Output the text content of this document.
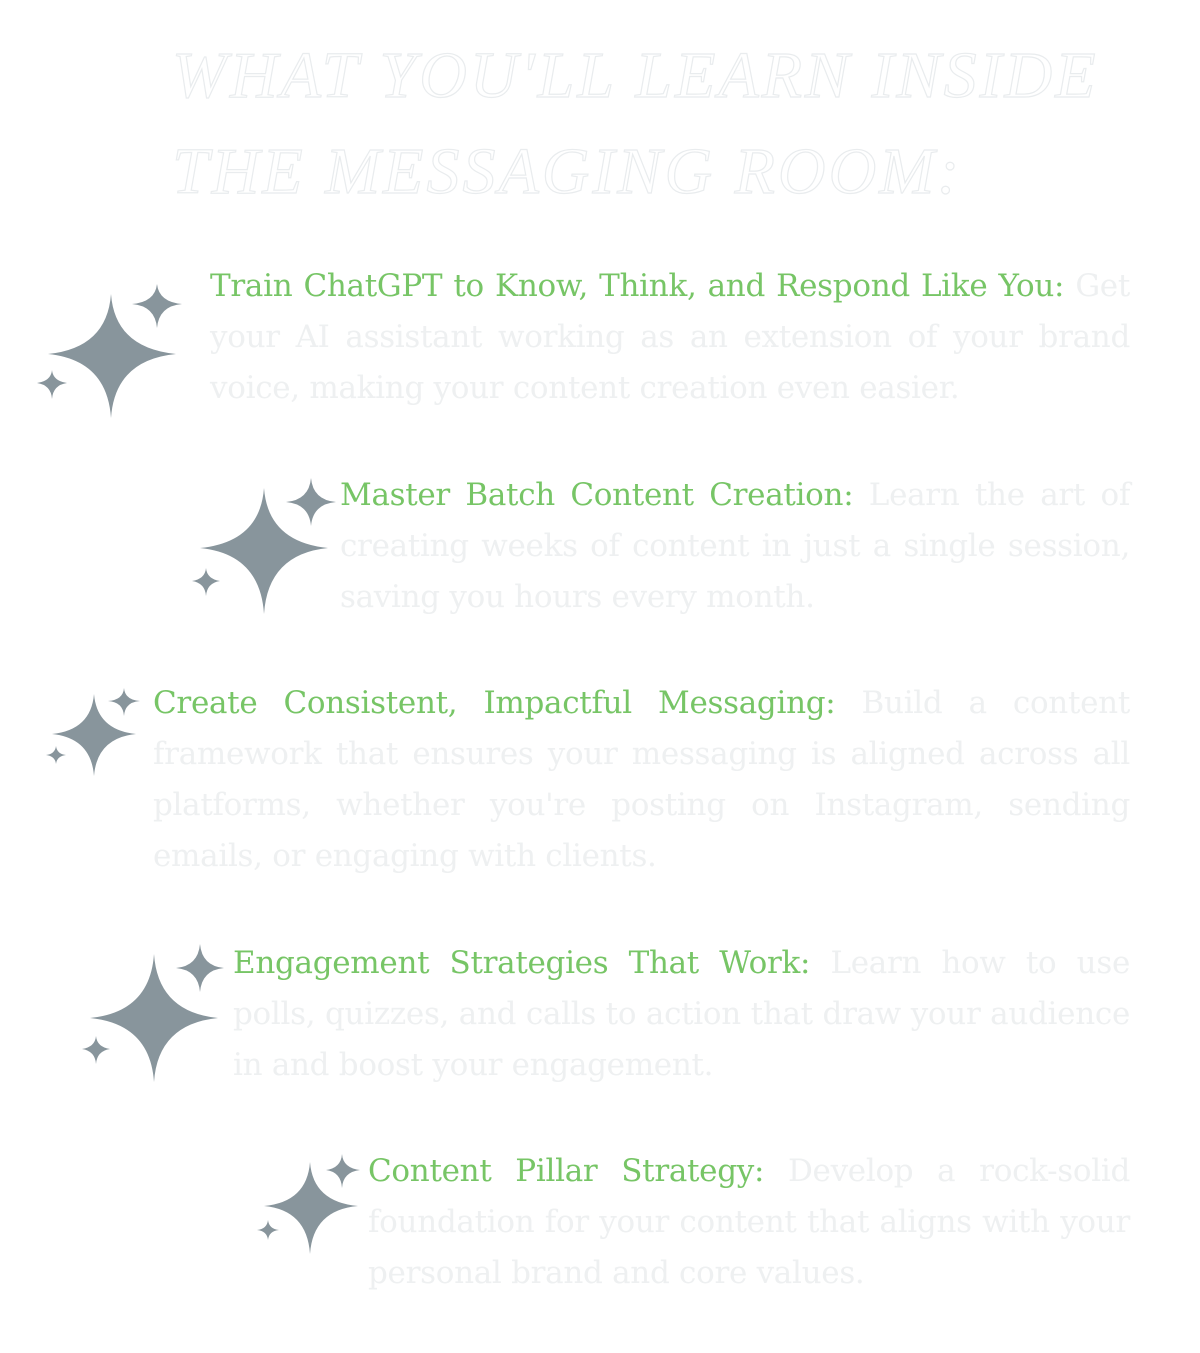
WHAT YOU'LL LEARN INSIDE
THE MESSAGING ROOM:

Train ChatGPT to Know, Think, and Respond Like You: Get your AI assistant working as an extension of your brand voice, making your content creation even easier.

Master Batch Content Creation: Learn the art of creating weeks of content in just a single session, saving you hours every month.

Create Consistent, Impactful Messaging: Build a content framework that ensures your messaging is aligned across all platforms, whether you're posting on Instagram, sending emails, or engaging with clients.

Engagement Strategies That Work: Learn how to use polls, quizzes, and calls to action that draw your audience in and boost your engagement.

Content Pillar Strategy: Develop a rock-solid foundation for your content that aligns with your personal brand and core values.
